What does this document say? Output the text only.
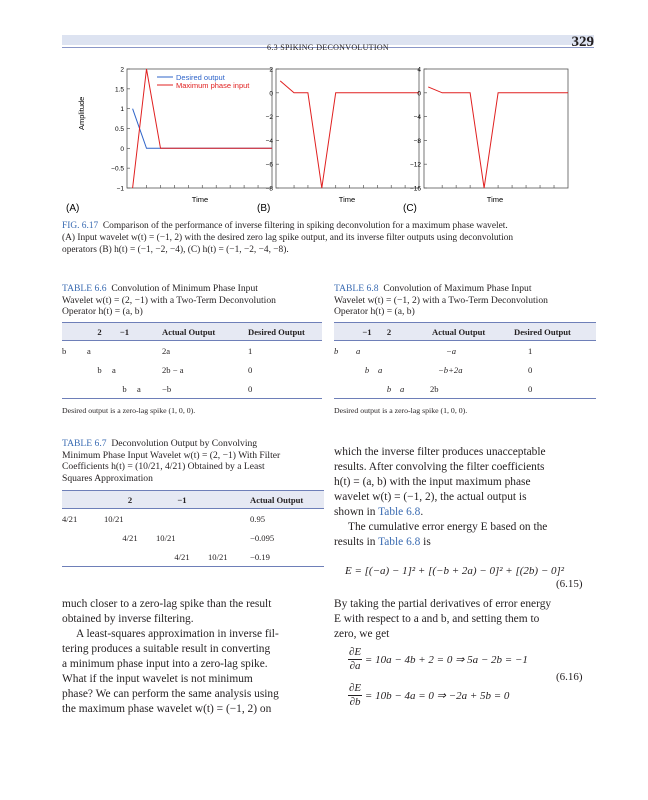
6.3 SPIKING DECONVOLUTION	329
Amplitude
Time
2
1.5
1
0.5
0
−0.5
−1
Desired output
Maximum phase input
Time
2
0
−2
−4
−6
−8
Time
4
0
−4
−8
−12
−16
(A)	(B)	(C)
FIG. 6.17 Comparison of the performance of inverse filtering in spiking deconvolution for a maximum phase wavelet.
(A) Input wavelet w(t) = (−1, 2) with the desired zero lag spike output, and its inverse filter outputs using deconvolution
operators (B) h(t) = (−1, −2, −4), (C) h(t) = (−1, −2, −4, −8).
TABLE 6.6 Convolution of Minimum Phase Input
Wavelet w(t) = (2, −1) with a Two-Term Deconvolution
Operator h(t) = (a, b)
	2	−1		Actual Output	Desired Output
b	a			2a	1
	b	a		2b − a	0
		b	a	−b	0
Desired output is a zero-lag spike (1, 0, 0).
TABLE 6.8 Convolution of Maximum Phase Input
Wavelet w(t) = (−1, 2) with a Two-Term Deconvolution
Operator h(t) = (a, b)
	−1	2		Actual Output	Desired Output
b	a			−a	1
	b	a		−b+2a	0
		b	a	2b	0
Desired output is a zero-lag spike (1, 0, 0).
TABLE 6.7 Deconvolution Output by Convolving
Minimum Phase Input Wavelet w(t) = (2, −1) With Filter
Coefficients h(t) = (10/21, 4/21) Obtained by a Least
Squares Approximation
	2	−1		Actual Output
4/21	10/21			0.95
	4/21	10/21		−0.095
		4/21	10/21	−0.19
much closer to a zero-lag spike than the result
obtained by inverse filtering.
A least-squares approximation in inverse fil-
tering produces a suitable result in converting
a minimum phase input into a zero-lag spike.
What if the input wavelet is not minimum
phase? We can perform the same analysis using
the maximum phase wavelet w(t) = (−1, 2) on
which the inverse filter produces unacceptable
results. After convolving the filter coefficients
h(t) = (a, b) with the input maximum phase
wavelet w(t) = (−1, 2), the actual output is
shown in Table 6.8.
The cumulative error energy E based on the
results in Table 6.8 is
E = [(−a) − 1]² + [(−b + 2a) − 0]² + [(2b) − 0]²
(6.15)
By taking the partial derivatives of error energy
E with respect to a and b, and setting them to
zero, we get
$\frac{\partial E}{\partial a} = 10a - 4b + 2 = 0$ ⇒ 5a − 2b = −1
$\frac{\partial E}{\partial b} = 10b - 4a = 0$ ⇒ −2a + 5b = 0
(6.16)
